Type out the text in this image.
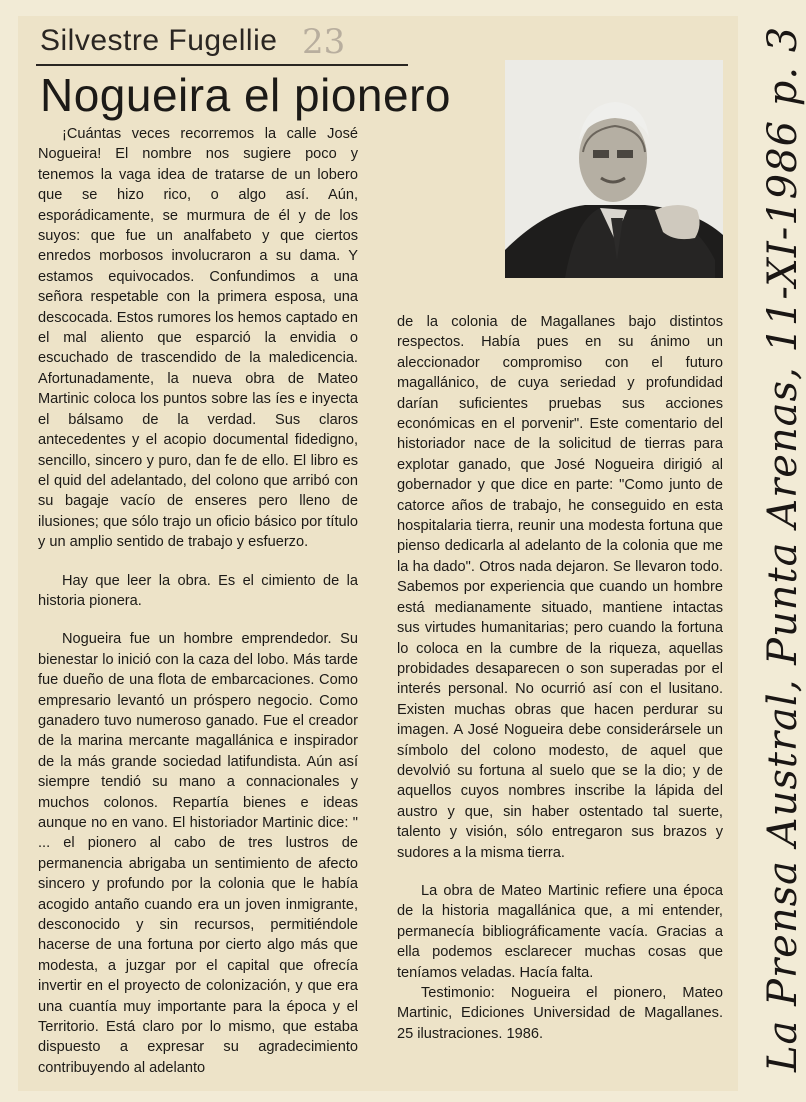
Silvestre Fugellie 23
Nogueira el pionero

¡Cuántas veces recorremos la calle José Nogueira! El nombre nos sugiere poco y tenemos la vaga idea de tratarse de un lobero que se hizo rico, o algo así. Aún, esporádicamente, se murmura de él y de los suyos: que fue un analfabeto y que ciertos enredos morbosos involucraron a su dama. Y estamos equivocados. Confundimos a una señora respetable con la primera esposa, una descocada. Estos rumores los hemos captado en el mal aliento que esparció la envidia o escuchado de trascendido de la maledicencia. Afortunadamente, la nueva obra de Mateo Martinic coloca los puntos sobre las íes e inyecta el bálsamo de la verdad. Sus claros antecedentes y el acopio documental fidedigno, sencillo, sincero y puro, dan fe de ello. El libro es el quid del adelantado, del colono que arribó con su bagaje vacío de enseres pero lleno de ilusiones; que sólo trajo un oficio básico por título y un amplio sentido de trabajo y esfuerzo.

Hay que leer la obra. Es el cimiento de la historia pionera.

Nogueira fue un hombre emprendedor. Su bienestar lo inició con la caza del lobo. Más tarde fue dueño de una flota de embarcaciones. Como empresario levantó un próspero negocio. Como ganadero tuvo numeroso ganado. Fue el creador de la marina mercante magallánica e inspirador de la más grande sociedad latifundista. Aún así siempre tendió su mano a connacionales y muchos colonos. Repartía bienes e ideas aunque no en vano. El historiador Martinic dice: " ... el pionero al cabo de tres lustros de permanencia abrigaba un sentimiento de afecto sincero y profundo por la colonia que le había acogido antaño cuando era un joven inmigrante, desconocido y sin recursos, permitiéndole hacerse de una fortuna por cierto algo más que modesta, a juzgar por el capital que ofrecía invertir en el proyecto de colonización, y que era una cuantía muy importante para la época y el Territorio. Está claro por lo mismo, que estaba dispuesto a expresar su agradecimiento contribuyendo al adelanto

de la colonia de Magallanes bajo distintos respectos. Había pues en su ánimo un aleccionador compromiso con el futuro magallánico, de cuya seriedad y profundidad darían suficientes pruebas sus acciones económicas en el porvenir". Este comentario del historiador nace de la solicitud de tierras para explotar ganado, que José Nogueira dirigió al gobernador y que dice en parte: "Como junto de catorce años de trabajo, he conseguido en esta hospitalaria tierra, reunir una modesta fortuna que pienso dedicarla al adelanto de la colonia que me la ha dado". Otros nada dejaron. Se llevaron todo. Sabemos por experiencia que cuando un hombre está medianamente situado, mantiene intactas sus virtudes humanitarias; pero cuando la fortuna lo coloca en la cumbre de la riqueza, aquellas probidades desaparecen o son superadas por el interés personal. No ocurrió así con el lusitano. Existen muchas obras que hacen perdurar su imagen. A José Nogueira debe considerársele un símbolo del colono modesto, de aquel que devolvió su fortuna al suelo que se la dio; y de aquellos cuyos nombres inscribe la lápida del austro y que, sin haber ostentado tal suerte, talento y visión, sólo entregaron sus brazos y sudores a la misma tierra.

La obra de Mateo Martinic refiere una época de la historia magallánica que, a mi entender, permanecía bibliográficamente vacía. Gracias a ella podemos esclarecer muchas cosas que teníamos veladas. Hacía falta.

Testimonio: Nogueira el pionero, Mateo Martinic, Ediciones Universidad de Magallanes. 25 ilustraciones. 1986.	La Prensa Austral, Punta Arenas, 11-XI-1986 p. 3
